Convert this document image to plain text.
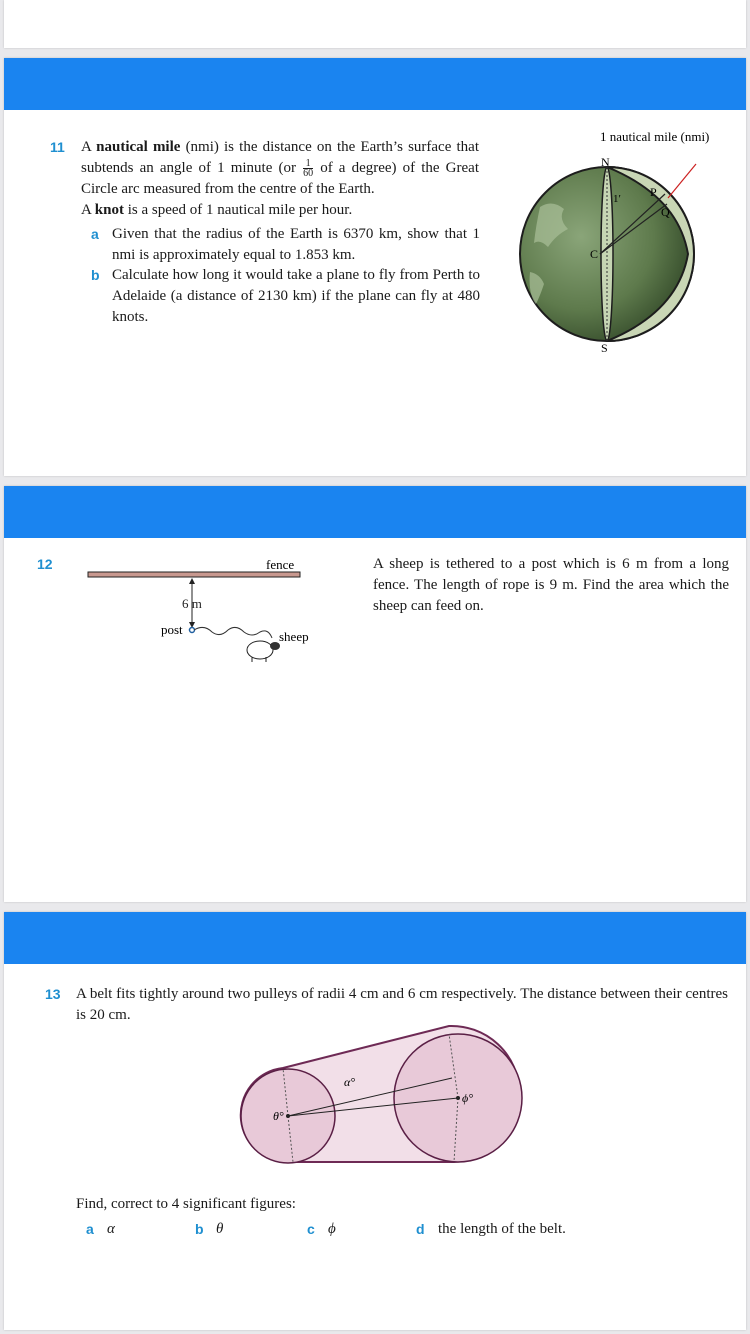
11 A nautical mile (nmi) is the distance on the Earth’s surface that subtends an angle of 1 minute ($or \frac{1}{60}$ of a degree) of the Great Circle arc measured from the centre of the Earth.
A knot is a speed of 1 nautical mile per hour.
a Given that the radius of the Earth is 6370 km, show that 1 nmi is approximately equal to 1.853 km.
b Calculate how long it would take a plane to fly from Perth to Adelaide (a distance of 2130 km) if the plane can fly at 480 knots.
1 nautical mile (nmi)
N
S
C
P
Q
1′
12	A sheep is tethered to a post which is 6 m from a long fence. The length of rope is 9 m. Find the area which the sheep can feed on.
fence
6 m
post	sheep
13 A belt fits tightly around two pulleys of radii 4 cm and 6 cm respectively. The distance between their centres is 20 cm.
α°
θ°
ϕ°
Find, correct to 4 significant figures:
a α	b θ	c ϕ	d the length of the belt.
